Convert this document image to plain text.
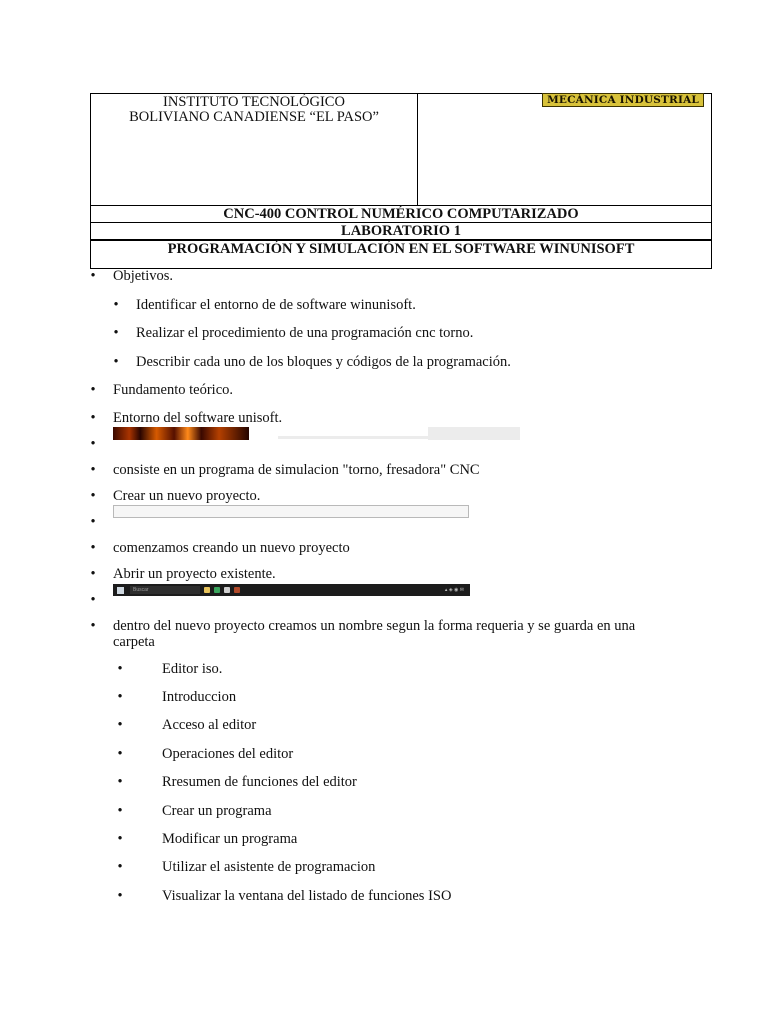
INSTITUTO TECNOLÓGICO
BOLIVIANO CANADIENSE “EL PASO”
MECÁNICA INDUSTRIAL
CNC-400 CONTROL NUMÉRICO COMPUTARIZADO
LABORATORIO 1
PROGRAMACIÓN Y SIMULACIÓN EN EL SOFTWARE WINUNISOFT
• Objetivos.
• Identificar el entorno de de software winunisoft.
• Realizar el procedimiento de una programación cnc torno.
• Describir cada uno de los bloques y códigos de la programación.
• Fundamento teórico.
• Entorno del software unisoft.
•
• consiste en un programa de simulacion "torno, fresadora" CNC
• Crear un nuevo proyecto.
•
• comenzamos creando un nuevo proyecto
• Abrir un proyecto existente.
Buscar	▴ ◈ ◉ ✉
•
• dentro del nuevo proyecto creamos un nombre segun la forma requeria y se guarda en una
carpeta
•	Editor iso.
•	Introduccion
•	Acceso al editor
•	Operaciones del editor
•	Rresumen de funciones del editor
•	Crear un programa
•	Modificar un programa
•	Utilizar el asistente de programacion
•	Visualizar la ventana del listado de funciones ISO
